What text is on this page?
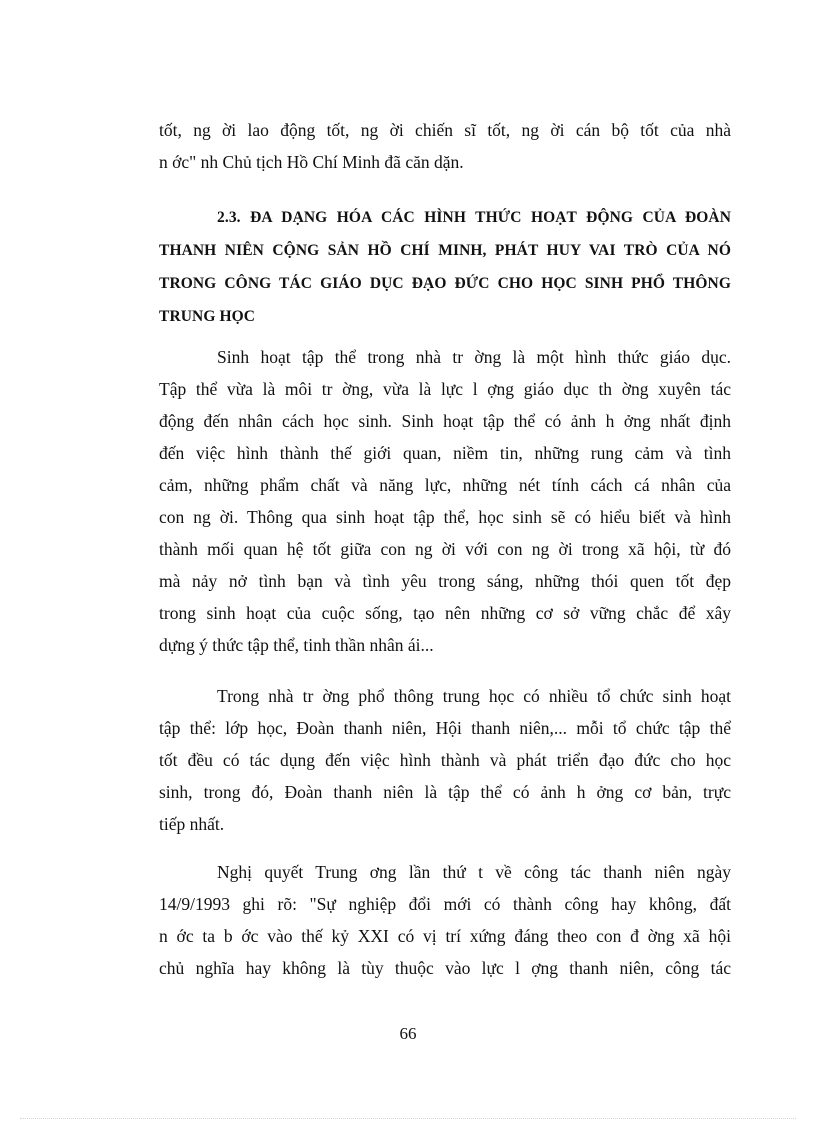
tốt, ng ời lao động tốt, ng ời chiến sĩ tốt, ng ời cán bộ tốt của nhà
n ớc" nh Chủ tịch Hồ Chí Minh đã căn dặn.
2.3. ĐA DẠNG HÓA CÁC HÌNH THỨC HOẠT ĐỘNG CỦA ĐOÀN
THANH NIÊN CỘNG SẢN HỒ CHÍ MINH, PHÁT HUY VAI TRÒ CỦA NÓ
TRONG CÔNG TÁC GIÁO DỤC ĐẠO ĐỨC CHO HỌC SINH PHỔ THÔNG
TRUNG HỌC
Sinh hoạt tập thể trong nhà tr ờng là một hình thức giáo dục.
Tập thể vừa là môi tr ờng, vừa là lực l ợng giáo dục th ờng xuyên tác
động đến nhân cách học sinh. Sinh hoạt tập thể có ảnh h ởng nhất định
đến việc hình thành thế giới quan, niềm tin, những rung cảm và tình
cảm, những phẩm chất và năng lực, những nét tính cách cá nhân của
con ng ời. Thông qua sinh hoạt tập thể, học sinh sẽ có hiểu biết và hình
thành mối quan hệ tốt giữa con ng ời với con ng ời trong xã hội, từ đó
mà nảy nở tình bạn và tình yêu trong sáng, những thói quen tốt đẹp
trong sinh hoạt của cuộc sống, tạo nên những cơ sở vững chắc để xây
dựng ý thức tập thể, tinh thần nhân ái...
Trong nhà tr ờng phổ thông trung học có nhiều tổ chức sinh hoạt
tập thể: lớp học, Đoàn thanh niên, Hội thanh niên,... mỗi tổ chức tập thể
tốt đều có tác dụng đến việc hình thành và phát triển đạo đức cho học
sinh, trong đó, Đoàn thanh niên là tập thể có ảnh h ởng cơ bản, trực
tiếp nhất.
Nghị quyết Trung ơng lần thứ t về công tác thanh niên ngày
14/9/1993 ghi rõ: "Sự nghiệp đổi mới có thành công hay không, đất
n ớc ta b ớc vào thế kỷ XXI có vị trí xứng đáng theo con đ ờng xã hội
chủ nghĩa hay không là tùy thuộc vào lực l ợng thanh niên, công tác
66
